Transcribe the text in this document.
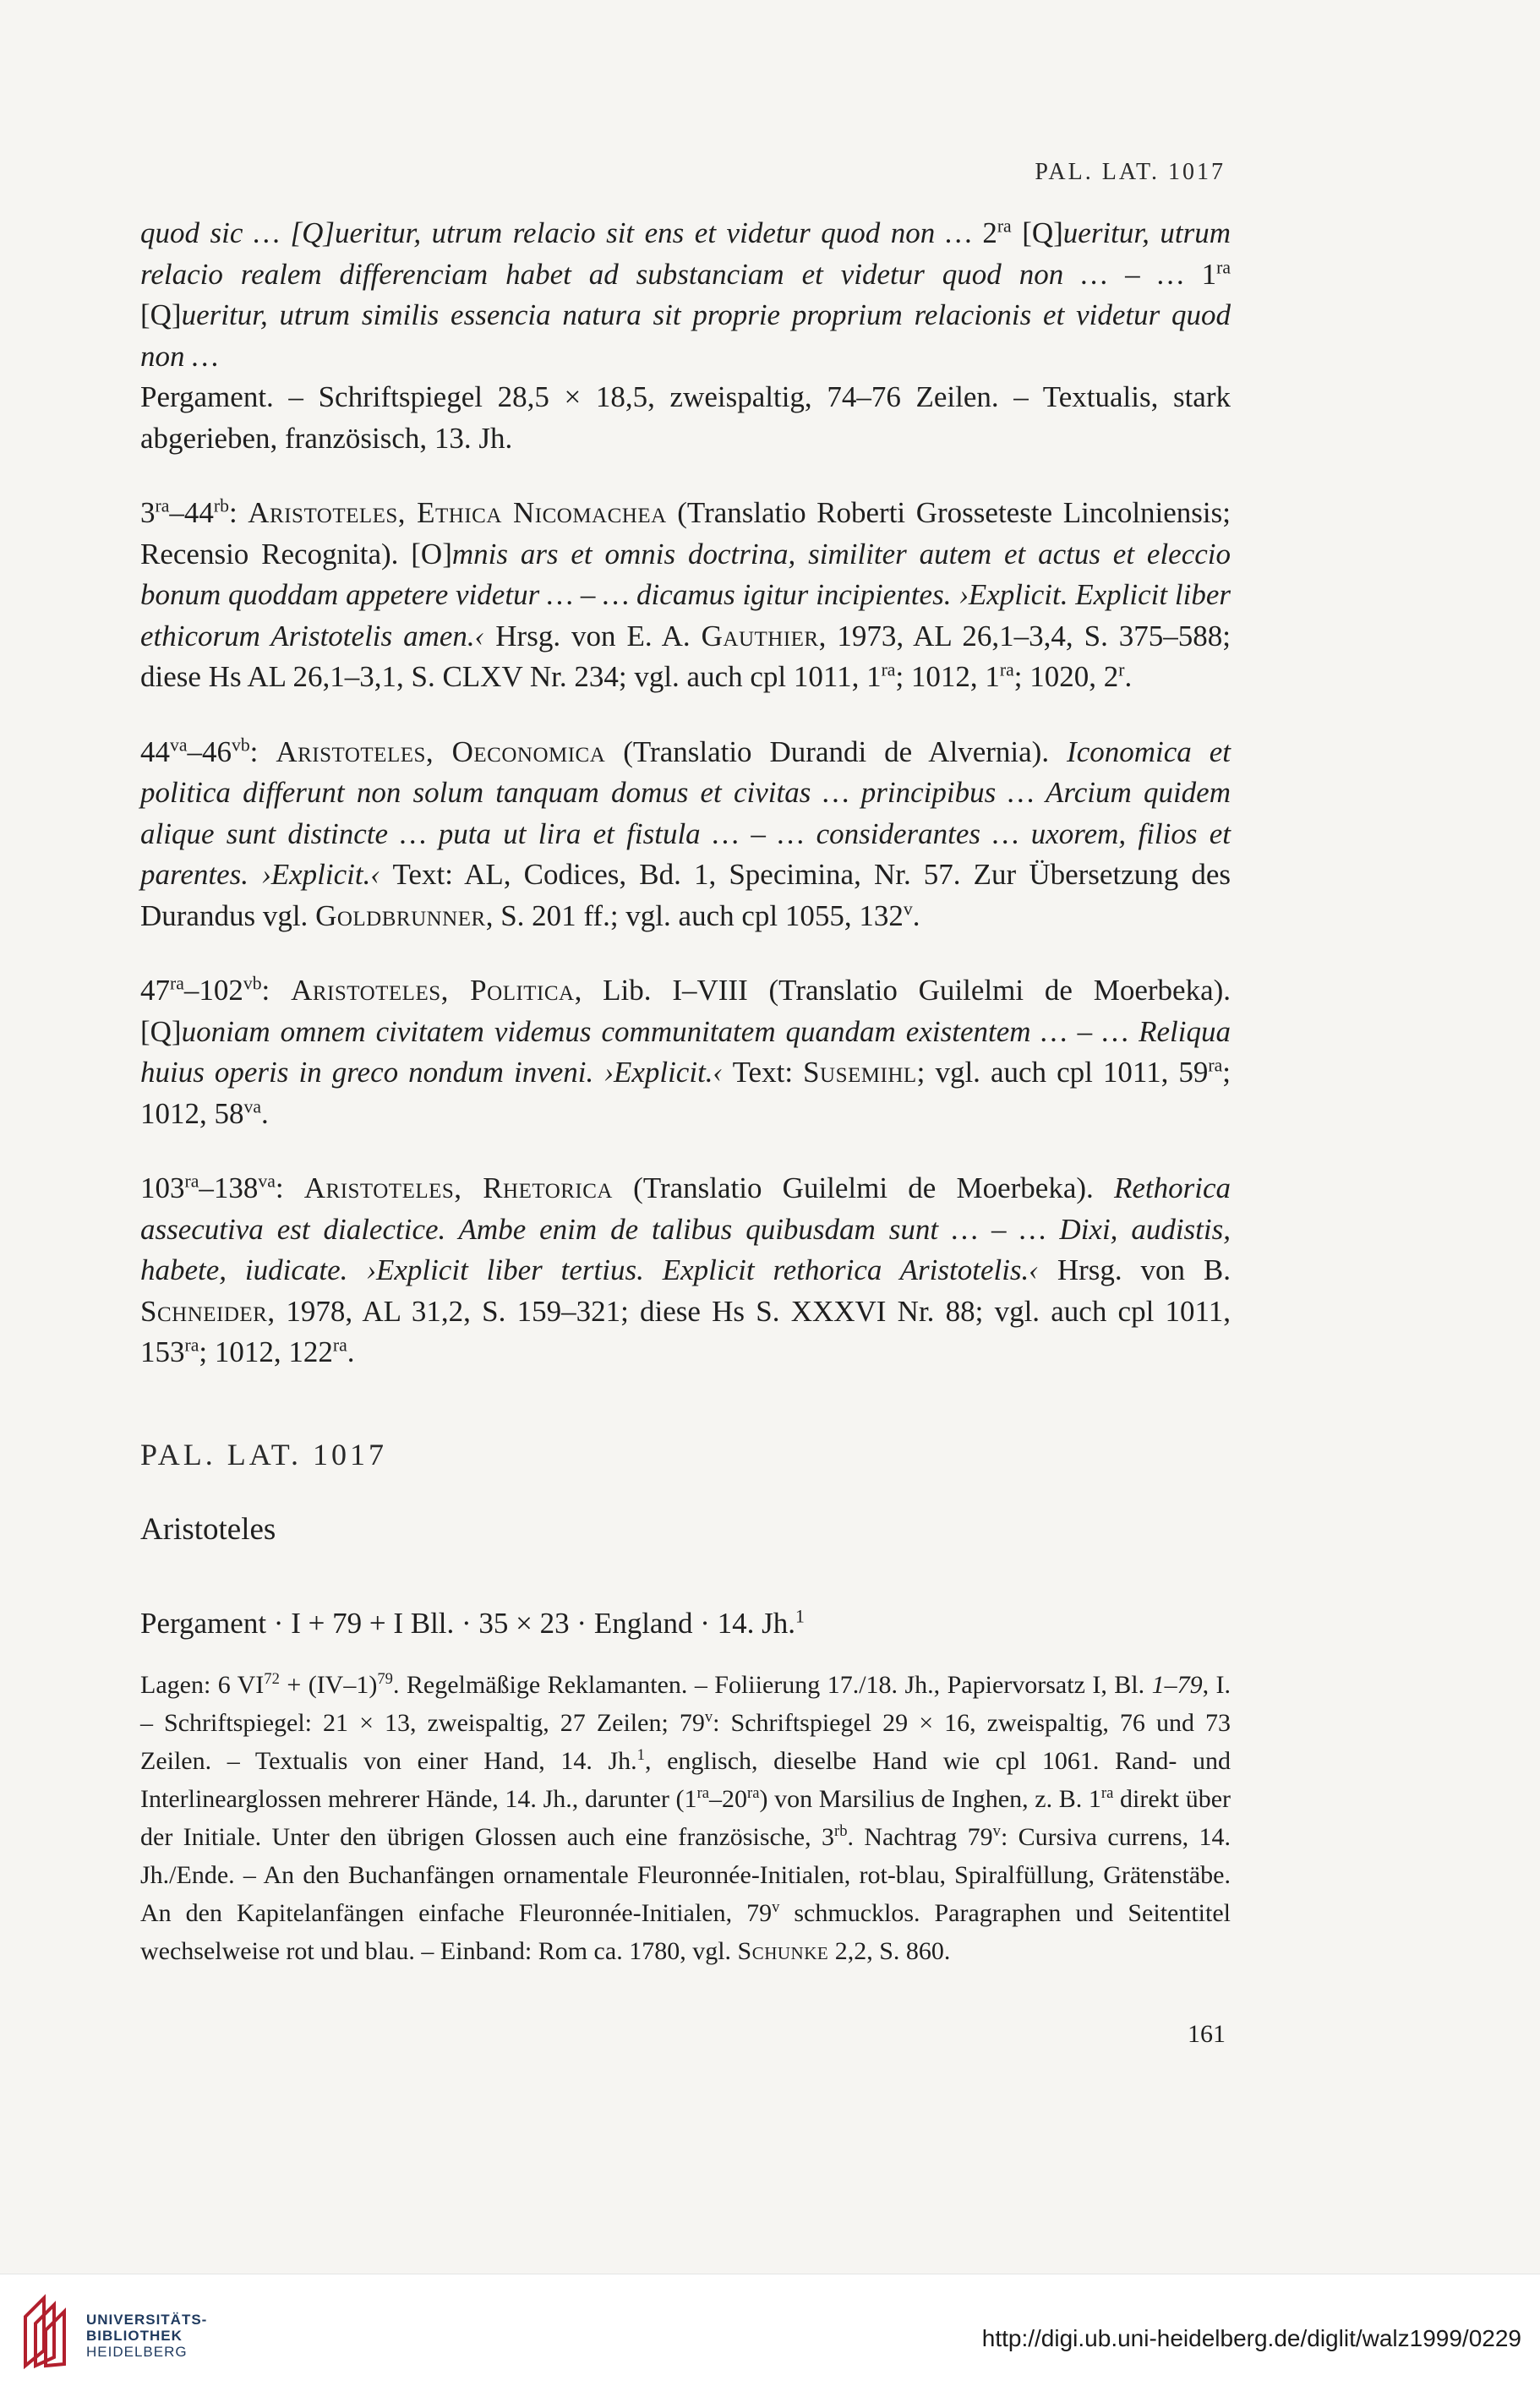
PAL. LAT. 1017

quod sic … [Q]ueritur, utrum relacio sit ens et videtur quod non … $2^{ra}$ [Q]ueritur, utrum relacio realem differenciam habet ad substanciam et videtur quod non … – … $1^{ra}$ [Q]ueritur, utrum similis essencia natura sit proprie proprium relacionis et videtur quod non …

Pergament. – Schriftspiegel 28,5 × 18,5, zweispaltig, 74–76 Zeilen. – Textualis, stark abgerieben, französisch, 13. Jh.

$3^{ra}-44^{rb}$: Aristoteles, Ethica Nicomachea (Translatio Roberti Grosseteste Lincolniensis; Recensio Recognita). [O]mnis ars et omnis doctrina, similiter autem et actus et eleccio bonum quoddam appetere videtur … – … dicamus igitur incipientes. ›Explicit. Explicit liber ethicorum Aristotelis amen.‹ Hrsg. von E. A. Gauthier, 1973, AL 26,1–3,4, S. 375–588; diese Hs AL 26,1–3,1, S. CLXV Nr. 234; vgl. auch cpl 1011, $1^{ra}$; 1012, $1^{ra}$; 1020, 2$^r$.

$44^{va}-46^{vb}$: Aristoteles, Oeconomica (Translatio Durandi de Alvernia). Iconomica et politica differunt non solum tanquam domus et civitas … principibus … Arcium quidem alique sunt distincte … puta ut lira et fistula … – … considerantes … uxorem, filios et parentes. ›Explicit.‹ Text: AL, Codices, Bd. 1, Specimina, Nr. 57. Zur Übersetzung des Durandus vgl. Goldbrunner, S. 201 ff.; vgl. auch cpl 1055, 132$^v$.

$47^{ra}-102^{vb}$: Aristoteles, Politica, Lib. I–VIII (Translatio Guilelmi de Moerbeka). [Q]uoniam omnem civitatem videmus communitatem quandam existentem … – … Reliqua huius operis in greco nondum inveni. ›Explicit.‹ Text: Susemihl; vgl. auch cpl 1011, $59^{ra}$; 1012, $58^{va}$.

$103^{ra}-138^{va}$: Aristoteles, Rhetorica (Translatio Guilelmi de Moerbeka). Rethorica assecutiva est dialectice. Ambe enim de talibus quibusdam sunt … – … Dixi, audistis, habete, iudicate. ›Explicit liber tertius. Explicit rethorica Aristotelis.‹ Hrsg. von B. Schneider, 1978, AL 31,2, S. 159–321; diese Hs S. XXXVI Nr. 88; vgl. auch cpl 1011, $153^{ra}$; 1012, $122^{ra}$.

PAL. LAT. 1017
Aristoteles
Pergament · I + 79 + I Bll. · 35 × 23 · England · 14. Jh.$^1$

Lagen: 6 $VI^{72} + (IV-1)^{79}$. Regelmäßige Reklamanten. – Foliierung 17./18. Jh., Papiervorsatz I, Bl. 1–79, I. – Schriftspiegel: 21 × 13, zweispaltig, 27 Zeilen; 79$^v$: Schriftspiegel 29 × 16, zweispaltig, 76 und 73 Zeilen. – Textualis von einer Hand, 14. Jh.$^1$, englisch, dieselbe Hand wie cpl 1061. Rand- und Interlinearglossen mehrerer Hände, 14. Jh., darunter $(1^{ra}-20^{ra})$ von Marsilius de Inghen, z. B. $1^{ra}$ direkt über der Initiale. Unter den übrigen Glossen auch eine französische, $3^{rb}$. Nachtrag 79$^v$: Cursiva currens, 14. Jh./Ende. – An den Buchanfängen ornamentale Fleuronnée-Initialen, rot-blau, Spiralfüllung, Grätenstäbe. An den Kapitelanfängen einfache Fleuronnée-Initialen, 79$^v$ schmucklos. Paragraphen und Seitentitel wechselweise rot und blau. – Einband: Rom ca. 1780, vgl. Schunke 2,2, S. 860.

161
UNIVERSITÄTS-
BIBLIOTHEK
HEIDELBERG
http://digi.ub.uni-heidelberg.de/diglit/walz1999/0229
